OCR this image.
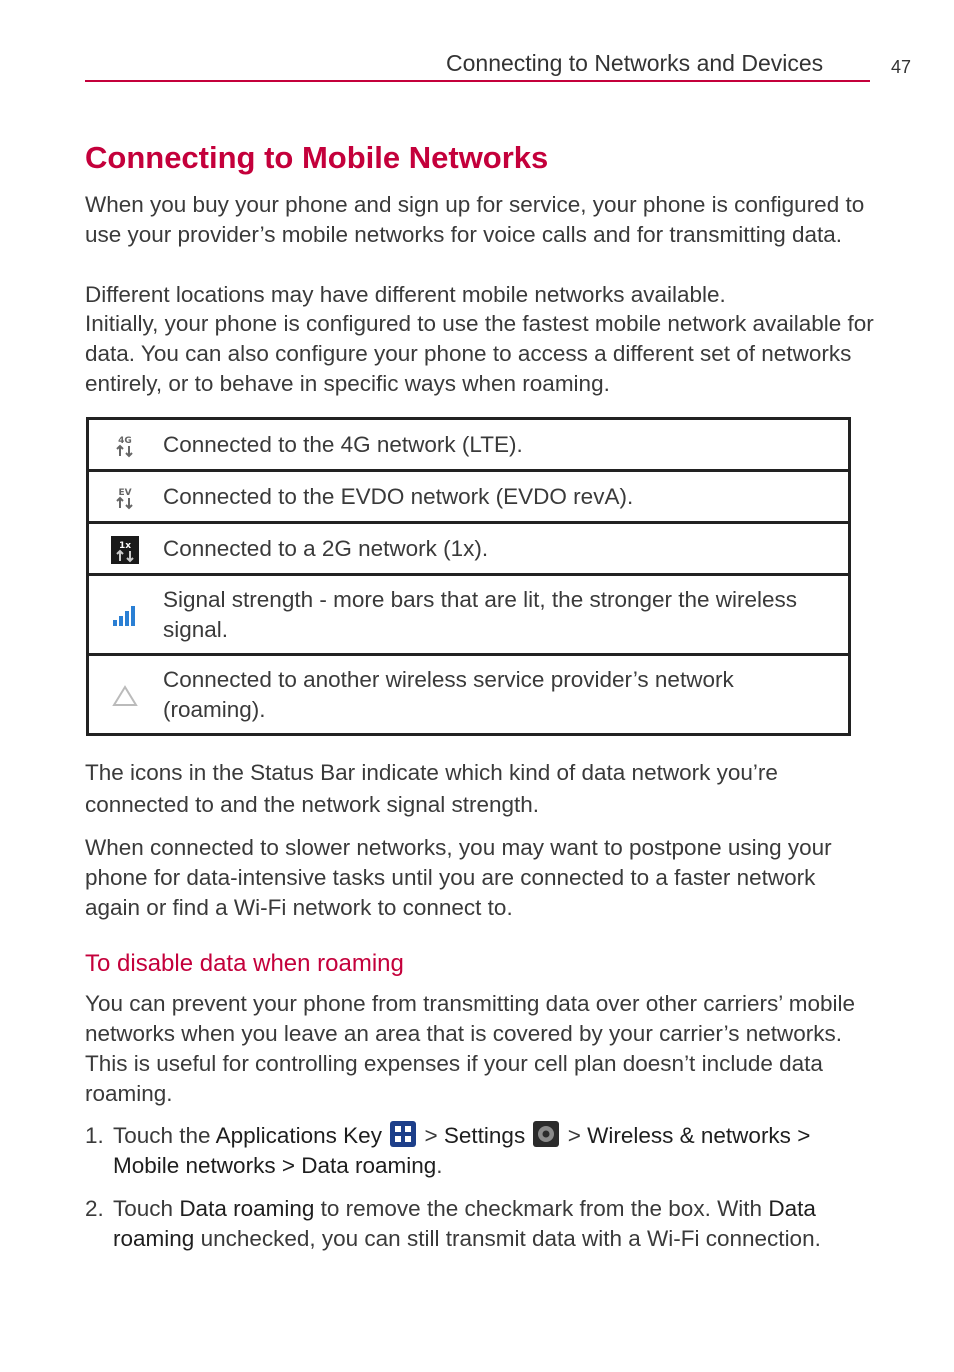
Connecting to Networks and Devices	47
Connecting to Mobile Networks

When you buy your phone and sign up for service, your phone is configured to use your provider’s mobile networks for voice calls and for transmitting data.

Different locations may have different mobile networks available.

Initially, your phone is configured to use the fastest mobile network available for data. You can also configure your phone to access a different set of networks entirely, or to behave in specific ways when roaming.

4G	Connected to the 4G network (LTE).

EV	Connected to the EVDO network (EVDO revA).

1x	Connected to a 2G network (1x).
	Signal strength - more bars that are lit, the stronger the wireless signal.
	Connected to another wireless service provider’s network (roaming).

The icons in the Status Bar indicate which kind of data network you’re connected to and the network signal strength.

When connected to slower networks, you may want to postpone using your phone for data-intensive tasks until you are connected to a faster network again or find a Wi-Fi network to connect to.

To disable data when roaming

You can prevent your phone from transmitting data over other carriers’ mobile networks when you leave an area that is covered by your carrier’s networks. This is useful for controlling expenses if your cell plan doesn’t include data roaming.

1. Touch the Applications Key > Settings > Wireless & networks > Mobile networks > Data roaming.
2. Touch Data roaming to remove the checkmark from the box. With Data roaming unchecked, you can still transmit data with a Wi-Fi connection.
